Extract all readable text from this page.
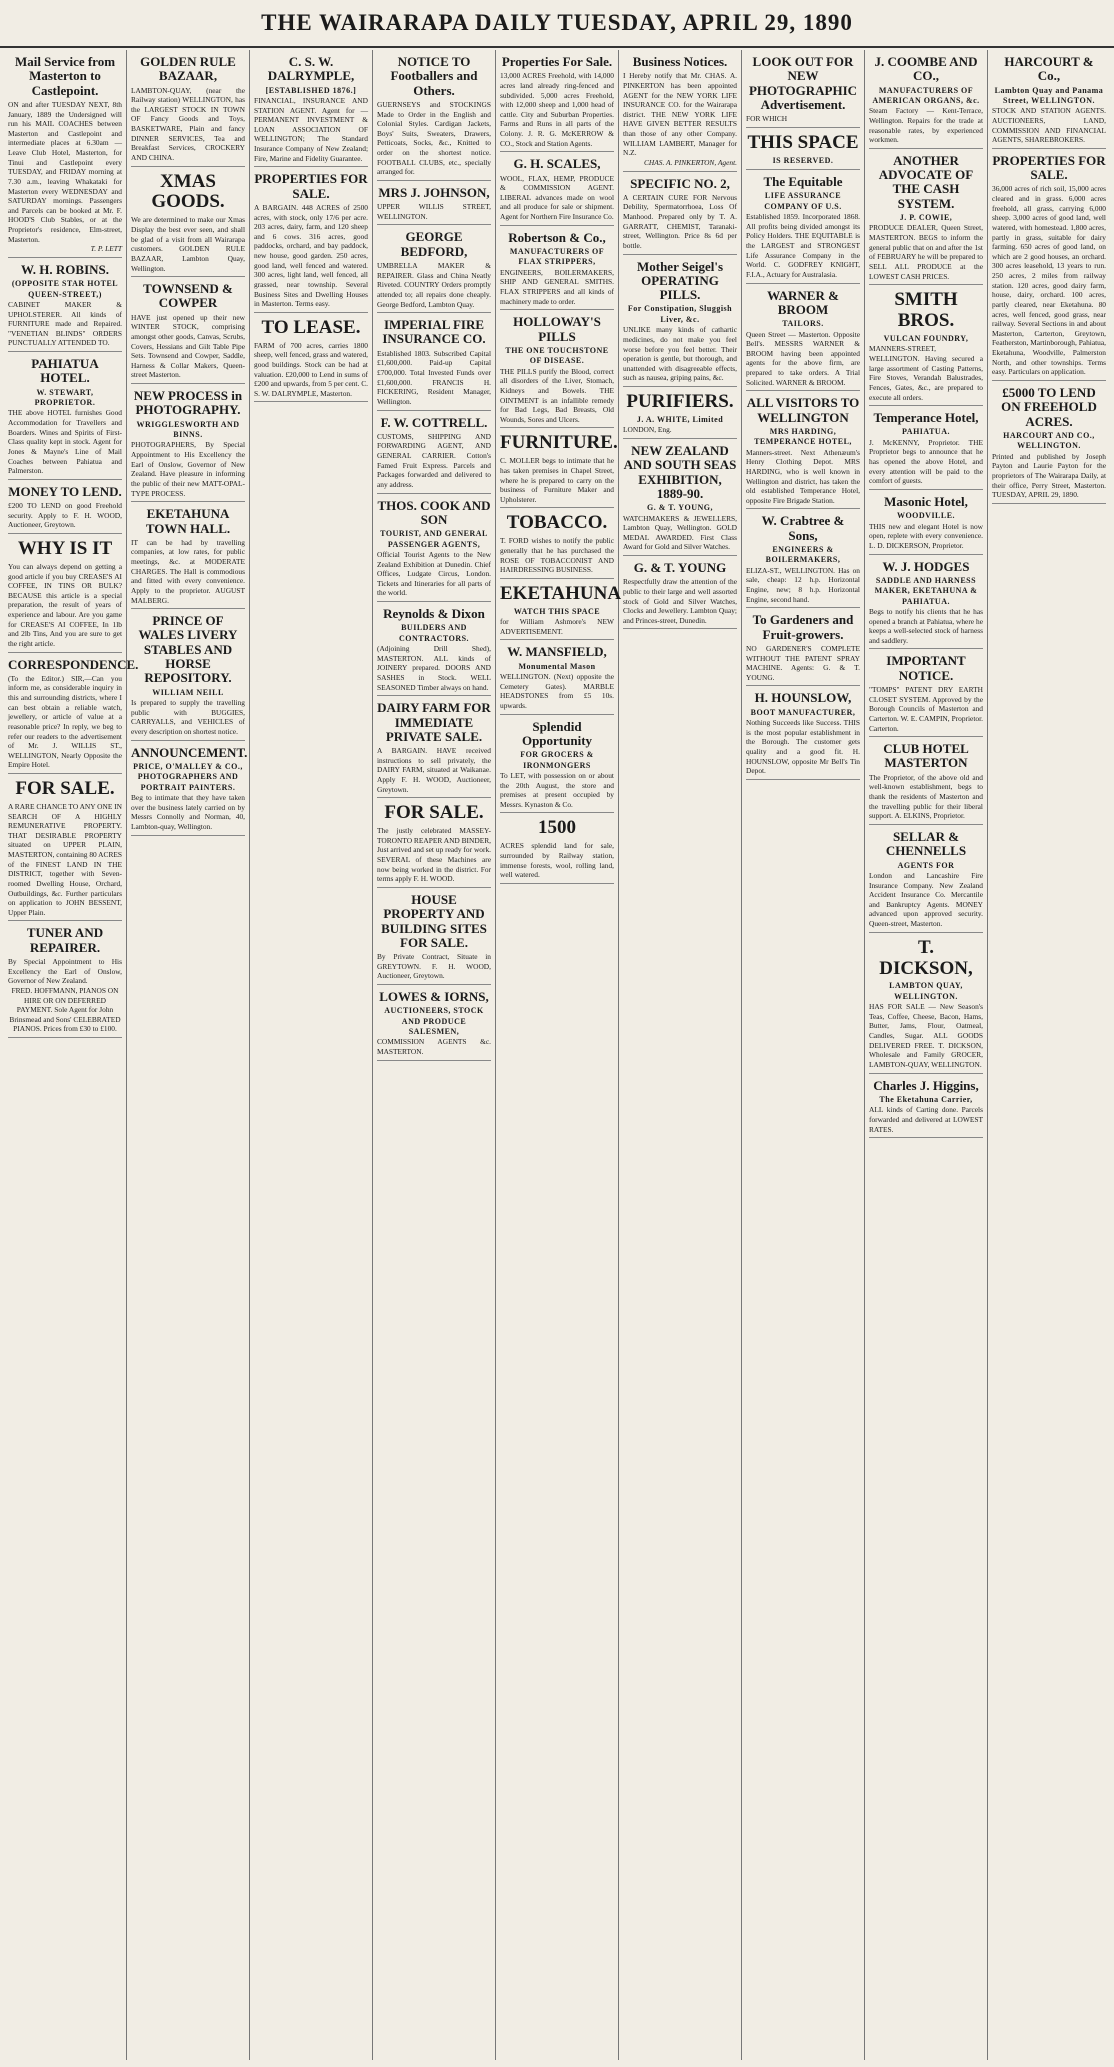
THE WAIRARAPA DAILY TUESDAY, APRIL 29, 1890
Mail Service from Masterton to Castlepoint.
ON and after TUESDAY NEXT, 8th January, 1889 the Undersigned will run his MAIL COACHES between Masterton and Castlepoint and intermediate places at 6.30am — Leave Club Hotel, Masterton, for Tinui and Castlepoint every TUESDAY, and FRIDAY morning at 7.30 a.m., leaving Whakataki for Masterton every WEDNESDAY and SATURDAY mornings. Passengers and Parcels can be booked at Mr. F. HOOD'S Club Stables, or at the Proprietor's residence, Elm-street, Masterton.
T. P. LETT
W. H. ROBINS.
(OPPOSITE STAR HOTEL QUEEN-STREET,)
CABINET MAKER & UPHOLSTERER. All kinds of FURNITURE made and Repaired. "VENETIAN BLINDS" ORDERS PUNCTUALLY ATTENDED TO.
PAHIATUA HOTEL.
W. STEWART, PROPRIETOR.
THE above HOTEL furnishes Good Accommodation for Travellers and Boarders. Wines and Spirits of First-Class quality kept in stock. Agent for Jones & Mayne's Line of Mail Coaches between Pahiatua and Palmerston.
MONEY TO LEND.
£200 TO LEND on good Freehold security. Apply to F. H. WOOD, Auctioneer, Greytown.
WHY IS IT
You can always depend on getting a good article if you buy CREASE'S AI COFFEE, IN TINS OR BULK? BECAUSE this article is a special preparation, the result of years of experience and labour. Are you game for CREASE'S AI COFFEE, In 1lb and 2lb Tins, And you are sure to get the right article.
CORRESPONDENCE.
(To the Editor.) SIR,—Can you inform me, as considerable inquiry in this and surrounding districts, where I can best obtain a reliable watch, jewellery, or article of value at a reasonable price? In reply, we beg to refer our readers to the advertisement of Mr. J. WILLIS ST., WELLINGTON, Nearly Opposite the Empire Hotel.
FOR SALE.
A RARE CHANCE TO ANY ONE IN SEARCH OF A HIGHLY REMUNERATIVE PROPERTY. THAT DESIRABLE PROPERTY situated on UPPER PLAIN, MASTERTON, containing 80 ACRES of the FINEST LAND IN THE DISTRICT, together with Seven-roomed Dwelling House, Orchard, Outbuildings, &c. Further particulars on application to JOHN BESSENT, Upper Plain.
TUNER AND REPAIRER.
By Special Appointment to His Excellency the Earl of Onslow, Governor of New Zealand.
FRED. HOFFMANN, PIANOS ON HIRE OR ON DEFERRED PAYMENT. Sole Agent for John Brinsmead and Sons' CELEBRATED PIANOS. Prices from £30 to £100.
GOLDEN RULE BAZAAR,
LAMBTON-QUAY, (near the Railway station) WELLINGTON, has the LARGEST STOCK IN TOWN OF Fancy Goods and Toys, BASKETWARE, Plain and fancy DINNER SERVICES, Tea and Breakfast Services, CROCKERY AND CHINA.
XMAS GOODS.
We are determined to make our Xmas Display the best ever seen, and shall be glad of a visit from all Wairarapa customers. GOLDEN RULE BAZAAR, Lambton Quay, Wellington.
TOWNSEND & COWPER
HAVE just opened up their new WINTER STOCK, comprising amongst other goods, Canvas, Scrubs, Covers, Hessians and Gilt Table Pipe Sets. Townsend and Cowper, Saddle, Harness & Collar Makers, Queen-street Masterton.
NEW PROCESS in PHOTOGRAPHY.
WRIGGLESWORTH AND BINNS.
PHOTOGRAPHERS, By Special Appointment to His Excellency the Earl of Onslow, Governor of New Zealand. Have pleasure in informing the public of their new MATT-OPAL-TYPE PROCESS.
EKETAHUNA TOWN HALL.
IT can be had by travelling companies, at low rates, for public meetings, &c. at MODERATE CHARGES. The Hall is commodious and fitted with every convenience. Apply to the proprietor. AUGUST MALBERG.
PRINCE OF WALES LIVERY STABLES AND HORSE REPOSITORY.
WILLIAM NEILL
Is prepared to supply the travelling public with BUGGIES, CARRYALLS, and VEHICLES of every description on shortest notice.
ANNOUNCEMENT.
PRICE, O'MALLEY & CO., PHOTOGRAPHERS AND PORTRAIT PAINTERS.
Beg to intimate that they have taken over the business lately carried on by Messrs Connolly and Norman, 40, Lambton-quay, Wellington.
C. S. W. DALRYMPLE,
[ESTABLISHED 1876.]
FINANCIAL, INSURANCE AND STATION AGENT. Agent for — PERMANENT INVESTMENT & LOAN ASSOCIATION OF WELLINGTON; The Standard Insurance Company of New Zealand; Fire, Marine and Fidelity Guarantee.
PROPERTIES FOR SALE.
A BARGAIN. 448 ACRES of 2500 acres, with stock, only 17/6 per acre. 203 acres, dairy, farm, and 120 sheep and 6 cows. 316 acres, good paddocks, orchard, and bay paddock, new house, good garden. 250 acres, good land, well fenced and watered. 300 acres, light land, well fenced, all grassed, near township. Several Business Sites and Dwelling Houses in Masterton. Terms easy.
TO LEASE.
FARM of 700 acres, carries 1800 sheep, well fenced, grass and watered, good buildings. Stock can be had at valuation. £20,000 to Lend in sums of £200 and upwards, from 5 per cent. C. S. W. DALRYMPLE, Masterton.
NOTICE TO Footballers and Others.
GUERNSEYS and STOCKINGS Made to Order in the English and Colonial Styles. Cardigan Jackets, Boys' Suits, Sweaters, Drawers, Petticoats, Socks, &c., Knitted to order on the shortest notice. FOOTBALL CLUBS, etc., specially arranged for.
MRS J. JOHNSON,
UPPER WILLIS STREET, WELLINGTON.
GEORGE BEDFORD,
UMBRELLA MAKER & REPAIRER. Glass and China Neatly Riveted. COUNTRY Orders promptly attended to; all repairs done cheaply. George Bedford, Lambton Quay.
IMPERIAL FIRE INSURANCE CO.
Established 1803. Subscribed Capital £1,600,000. Paid-up Capital £700,000. Total Invested Funds over £1,600,000. FRANCIS H. FICKERING, Resident Manager, Wellington.
F. W. COTTRELL.
CUSTOMS, SHIPPING AND FORWARDING AGENT, AND GENERAL CARRIER. Cotton's Famed Fruit Express. Parcels and Packages forwarded and delivered to any address.
THOS. COOK AND SON
TOURIST, AND GENERAL PASSENGER AGENTS,
Official Tourist Agents to the New Zealand Exhibition at Dunedin. Chief Offices, Ludgate Circus, London. Tickets and Itineraries for all parts of the world.
Reynolds & Dixon
BUILDERS AND CONTRACTORS.
(Adjoining Drill Shed), MASTERTON. ALL kinds of JOINERY prepared. DOORS AND SASHES in Stock. WELL SEASONED Timber always on hand.
DAIRY FARM FOR IMMEDIATE PRIVATE SALE.
A BARGAIN. HAVE received instructions to sell privately, the DAIRY FARM, situated at Waikanae. Apply F. H. WOOD, Auctioneer, Greytown.
FOR SALE.
The justly celebrated MASSEY-TORONTO REAPER AND BINDER, Just arrived and set up ready for work. SEVERAL of these Machines are now being worked in the district. For terms apply F. H. WOOD.
HOUSE PROPERTY AND BUILDING SITES FOR SALE.
By Private Contract, Situate in GREYTOWN. F. H. WOOD, Auctioneer, Greytown.
LOWES & IORNS,
AUCTIONEERS, STOCK AND PRODUCE SALESMEN,
COMMISSION AGENTS &c. MASTERTON.
Properties For Sale.
13,000 ACRES Freehold, with 14,000 acres land already ring-fenced and subdivided. 5,000 acres Freehold, with 12,000 sheep and 1,000 head of cattle. City and Suburban Properties. Farms and Runs in all parts of the Colony. J. R. G. McKERROW & CO., Stock and Station Agents.
G. H. SCALES,
WOOL, FLAX, HEMP, PRODUCE & COMMISSION AGENT. LIBERAL advances made on wool and all produce for sale or shipment. Agent for Northern Fire Insurance Co.
Robertson & Co.,
MANUFACTURERS OF FLAX STRIPPERS,
ENGINEERS, BOILERMAKERS, SHIP AND GENERAL SMITHS. FLAX STRIPPERS and all kinds of machinery made to order.
HOLLOWAY'S PILLS
THE ONE TOUCHSTONE OF DISEASE.
THE PILLS purify the Blood, correct all disorders of the Liver, Stomach, Kidneys and Bowels. THE OINTMENT is an infallible remedy for Bad Legs, Bad Breasts, Old Wounds, Sores and Ulcers.
FURNITURE.
C. MOLLER begs to intimate that he has taken premises in Chapel Street, where he is prepared to carry on the business of Furniture Maker and Upholsterer.
TOBACCO.
T. FORD wishes to notify the public generally that he has purchased the ROSE OF TOBACCONIST AND HAIRDRESSING BUSINESS.
EKETAHUNA
WATCH THIS SPACE
for William Ashmore's NEW ADVERTISEMENT.
W. MANSFIELD,
Monumental Mason
WELLINGTON. (Next) opposite the Cemetery Gates). MARBLE HEADSTONES from £5 10s. upwards.
Splendid Opportunity
FOR GROCERS & IRONMONGERS
To LET, with possession on or about the 20th August, the store and premises at present occupied by Messrs. Kynaston & Co.
1500
ACRES splendid land for sale, surrounded by Railway station, immense forests, wool, rolling land, well watered.
Business Notices.
I Hereby notify that Mr. CHAS. A. PINKERTON has been appointed AGENT for the NEW YORK LIFE INSURANCE CO. for the Wairarapa district. THE NEW YORK LIFE HAVE GIVEN BETTER RESULTS than those of any other Company. WILLIAM LAMBERT, Manager for N.Z.
CHAS. A. PINKERTON, Agent.
SPECIFIC NO. 2,
A CERTAIN CURE FOR Nervous Debility, Spermatorrhoea, Loss Of Manhood. Prepared only by T. A. GARRATT, CHEMIST, Taranaki-street, Wellington. Price 8s 6d per bottle.
Mother Seigel's OPERATING PILLS.
For Constipation, Sluggish Liver, &c.
UNLIKE many kinds of cathartic medicines, do not make you feel worse before you feel better. Their operation is gentle, but thorough, and unattended with disagreeable effects, such as nausea, griping pains, &c.
PURIFIERS.
J. A. WHITE, Limited
LONDON, Eng.
NEW ZEALAND AND SOUTH SEAS EXHIBITION, 1889-90.
G. & T. YOUNG,
WATCHMAKERS & JEWELLERS, Lambton Quay, Wellington. GOLD MEDAL AWARDED. First Class Award for Gold and Silver Watches.
G. & T. YOUNG
Respectfully draw the attention of the public to their large and well assorted stock of Gold and Silver Watches, Clocks and Jewellery. Lambton Quay; and Princes-street, Dunedin.
LOOK OUT FOR NEW PHOTOGRAPHIC Advertisement.
FOR WHICH
THIS SPACE
IS RESERVED.
The Equitable
LIFE ASSURANCE COMPANY OF U.S.
Established 1859. Incorporated 1868. All profits being divided amongst its Policy Holders. THE EQUITABLE is the LARGEST and STRONGEST Life Assurance Company in the World. C. GODFREY KNIGHT, F.I.A., Actuary for Australasia.
WARNER & BROOM
TAILORS.
Queen Street — Masterton. Opposite Bell's. MESSRS WARNER & BROOM having been appointed agents for the above firm, are prepared to take orders. A Trial Solicited. WARNER & BROOM.
ALL VISITORS TO WELLINGTON
MRS HARDING, TEMPERANCE HOTEL,
Manners-street. Next Athenæum's Henry Clothing Depot. MRS HARDING, who is well known in Wellington and district, has taken the old established Temperance Hotel, opposite Fire Brigade Station.
W. Crabtree & Sons,
ENGINEERS & BOILERMAKERS,
ELIZA-ST., WELLINGTON. Has on sale, cheap: 12 h.p. Horizontal Engine, new; 8 h.p. Horizontal Engine, second hand.
To Gardeners and Fruit-growers.
NO GARDENER'S COMPLETE WITHOUT THE PATENT SPRAY MACHINE. Agents: G. & T. YOUNG.
H. HOUNSLOW,
BOOT MANUFACTURER,
Nothing Succeeds like Success. THIS is the most popular establishment in the Borough. The customer gets quality and a good fit. H. HOUNSLOW, opposite Mr Bell's Tin Depot.
J. COOMBE AND CO.,
MANUFACTURERS OF AMERICAN ORGANS, &c.
Steam Factory — Kent-Terrace, Wellington. Repairs for the trade at reasonable rates, by experienced workmen.
ANOTHER ADVOCATE OF THE CASH SYSTEM.
J. P. COWIE,
PRODUCE DEALER, Queen Street, MASTERTON. BEGS to inform the general public that on and after the 1st of FEBRUARY he will be prepared to SELL ALL PRODUCE at the LOWEST CASH PRICES.
SMITH BROS.
VULCAN FOUNDRY,
MANNERS-STREET, WELLINGTON. Having secured a large assortment of Casting Patterns, Fire Stoves, Verandah Balustrades, Fences, Gates, &c., are prepared to execute all orders.
Temperance Hotel,
PAHIATUA.
J. McKENNY, Proprietor. THE Proprietor begs to announce that he has opened the above Hotel, and every attention will be paid to the comfort of guests.
Masonic Hotel,
WOODVILLE.
THIS new and elegant Hotel is now open, replete with every convenience. L. D. DICKERSON, Proprietor.
W. J. HODGES
SADDLE AND HARNESS MAKER, EKETAHUNA & PAHIATUA.
Begs to notify his clients that he has opened a branch at Pahiatua, where he keeps a well-selected stock of harness and saddlery.
IMPORTANT NOTICE.
"TOMPS" PATENT DRY EARTH CLOSET SYSTEM. Approved by the Borough Councils of Masterton and Carterton. W. E. CAMPIN, Proprietor. Carterton.
CLUB HOTEL MASTERTON
The Proprietor, of the above old and well-known establishment, begs to thank the residents of Masterton and the travelling public for their liberal support. A. ELKINS, Proprietor.
SELLAR & CHENNELLS
AGENTS FOR
London and Lancashire Fire Insurance Company. New Zealand Accident Insurance Co. Mercantile and Bankruptcy Agents. MONEY advanced upon approved security. Queen-street, Masterton.
T. DICKSON,
LAMBTON QUAY, WELLINGTON.
HAS FOR SALE — New Season's Teas, Coffee, Cheese, Bacon, Hams, Butter, Jams, Flour, Oatmeal, Candles, Sugar. ALL GOODS DELIVERED FREE. T. DICKSON, Wholesale and Family GROCER, LAMBTON-QUAY, WELLINGTON.
Charles J. Higgins,
The Eketahuna Carrier,
ALL kinds of Carting done. Parcels forwarded and delivered at LOWEST RATES.
HARCOURT & Co.,
Lambton Quay and Panama Street, WELLINGTON.
STOCK AND STATION AGENTS. AUCTIONEERS, LAND, COMMISSION AND FINANCIAL AGENTS, SHAREBROKERS.
PROPERTIES FOR SALE.
36,000 acres of rich soil, 15,000 acres cleared and in grass. 6,000 acres freehold, all grass, carrying 6,000 sheep. 3,000 acres of good land, well watered, with homestead. 1,800 acres, partly in grass, suitable for dairy farming. 650 acres of good land, on which are 2 good houses, an orchard. 300 acres leasehold, 13 years to run. 250 acres, 2 miles from railway station. 120 acres, good dairy farm, house, dairy, orchard. 100 acres, partly cleared, near Eketahuna. 80 acres, well fenced, good grass, near railway. Several Sections in and about Masterton, Carterton, Greytown, Featherston, Martinborough, Pahiatua, Eketahuna, Woodville, Palmerston North, and other townships. Terms easy. Particulars on application.
£5000 TO LEND ON FREEHOLD ACRES.
HARCOURT AND CO., WELLINGTON.
Printed and published by Joseph Payton and Laurie Payton for the proprietors of The Wairarapa Daily, at their office, Perry Street, Masterton. TUESDAY, APRIL 29, 1890.
